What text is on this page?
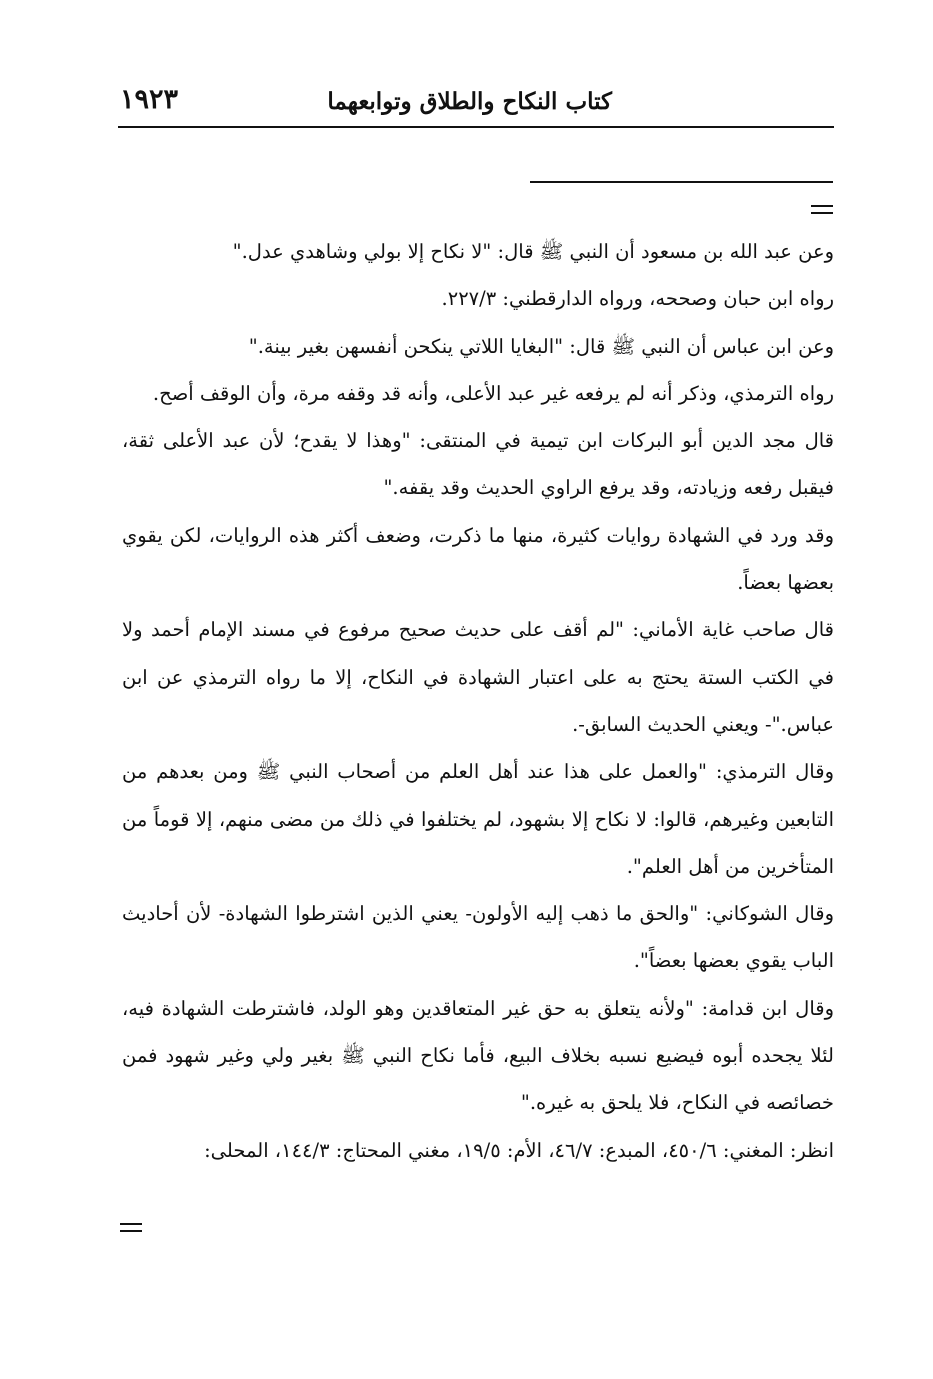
كتاب النكاح والطلاق وتوابعهما
١٩٢٣

وعن عبد الله بن مسعود أن النبي ﷺ قال: "لا نكاح إلا بولي وشاهدي عدل."

رواه ابن حبان وصححه، ورواه الدارقطني: ٢٢٧/٣.

وعن ابن عباس أن النبي ﷺ قال: "البغايا اللاتي ينكحن أنفسهن بغير بينة."

رواه الترمذي، وذكر أنه لم يرفعه غير عبد الأعلى، وأنه قد وقفه مرة، وأن الوقف أصح.

قال مجد الدين أبو البركات ابن تيمية في المنتقى: "وهذا لا يقدح؛ لأن عبد الأعلى ثقة، فيقبل رفعه وزيادته، وقد يرفع الراوي الحديث وقد يقفه."

وقد ورد في الشهادة روايات كثيرة، منها ما ذكرت، وضعف أكثر هذه الروايات، لكن يقوي بعضها بعضاً.

قال صاحب غاية الأماني: "لم أقف على حديث صحيح مرفوع في مسند الإمام أحمد ولا في الكتب الستة يحتج به على اعتبار الشهادة في النكاح، إلا ما رواه الترمذي عن ابن عباس."- ويعني الحديث السابق-.

وقال الترمذي: "والعمل على هذا عند أهل العلم من أصحاب النبي ﷺ ومن بعدهم من التابعين وغيرهم، قالوا: لا نكاح إلا بشهود، لم يختلفوا في ذلك من مضى منهم، إلا قوماً من المتأخرين من أهل العلم".

وقال الشوكاني: "والحق ما ذهب إليه الأولون- يعني الذين اشترطوا الشهادة- لأن أحاديث الباب يقوي بعضها بعضاً".

وقال ابن قدامة: "ولأنه يتعلق به حق غير المتعاقدين وهو الولد، فاشترطت الشهادة فيه، لئلا يجحده أبوه فيضيع نسبه بخلاف البيع، فأما نكاح النبي ﷺ بغير ولي وغير شهود فمن خصائصه في النكاح، فلا يلحق به غيره."

انظر: المغني: ٤٥٠/٦، المبدع: ٤٦/٧، الأم: ١٩/٥، مغني المحتاج: ١٤٤/٣، المحلى:
